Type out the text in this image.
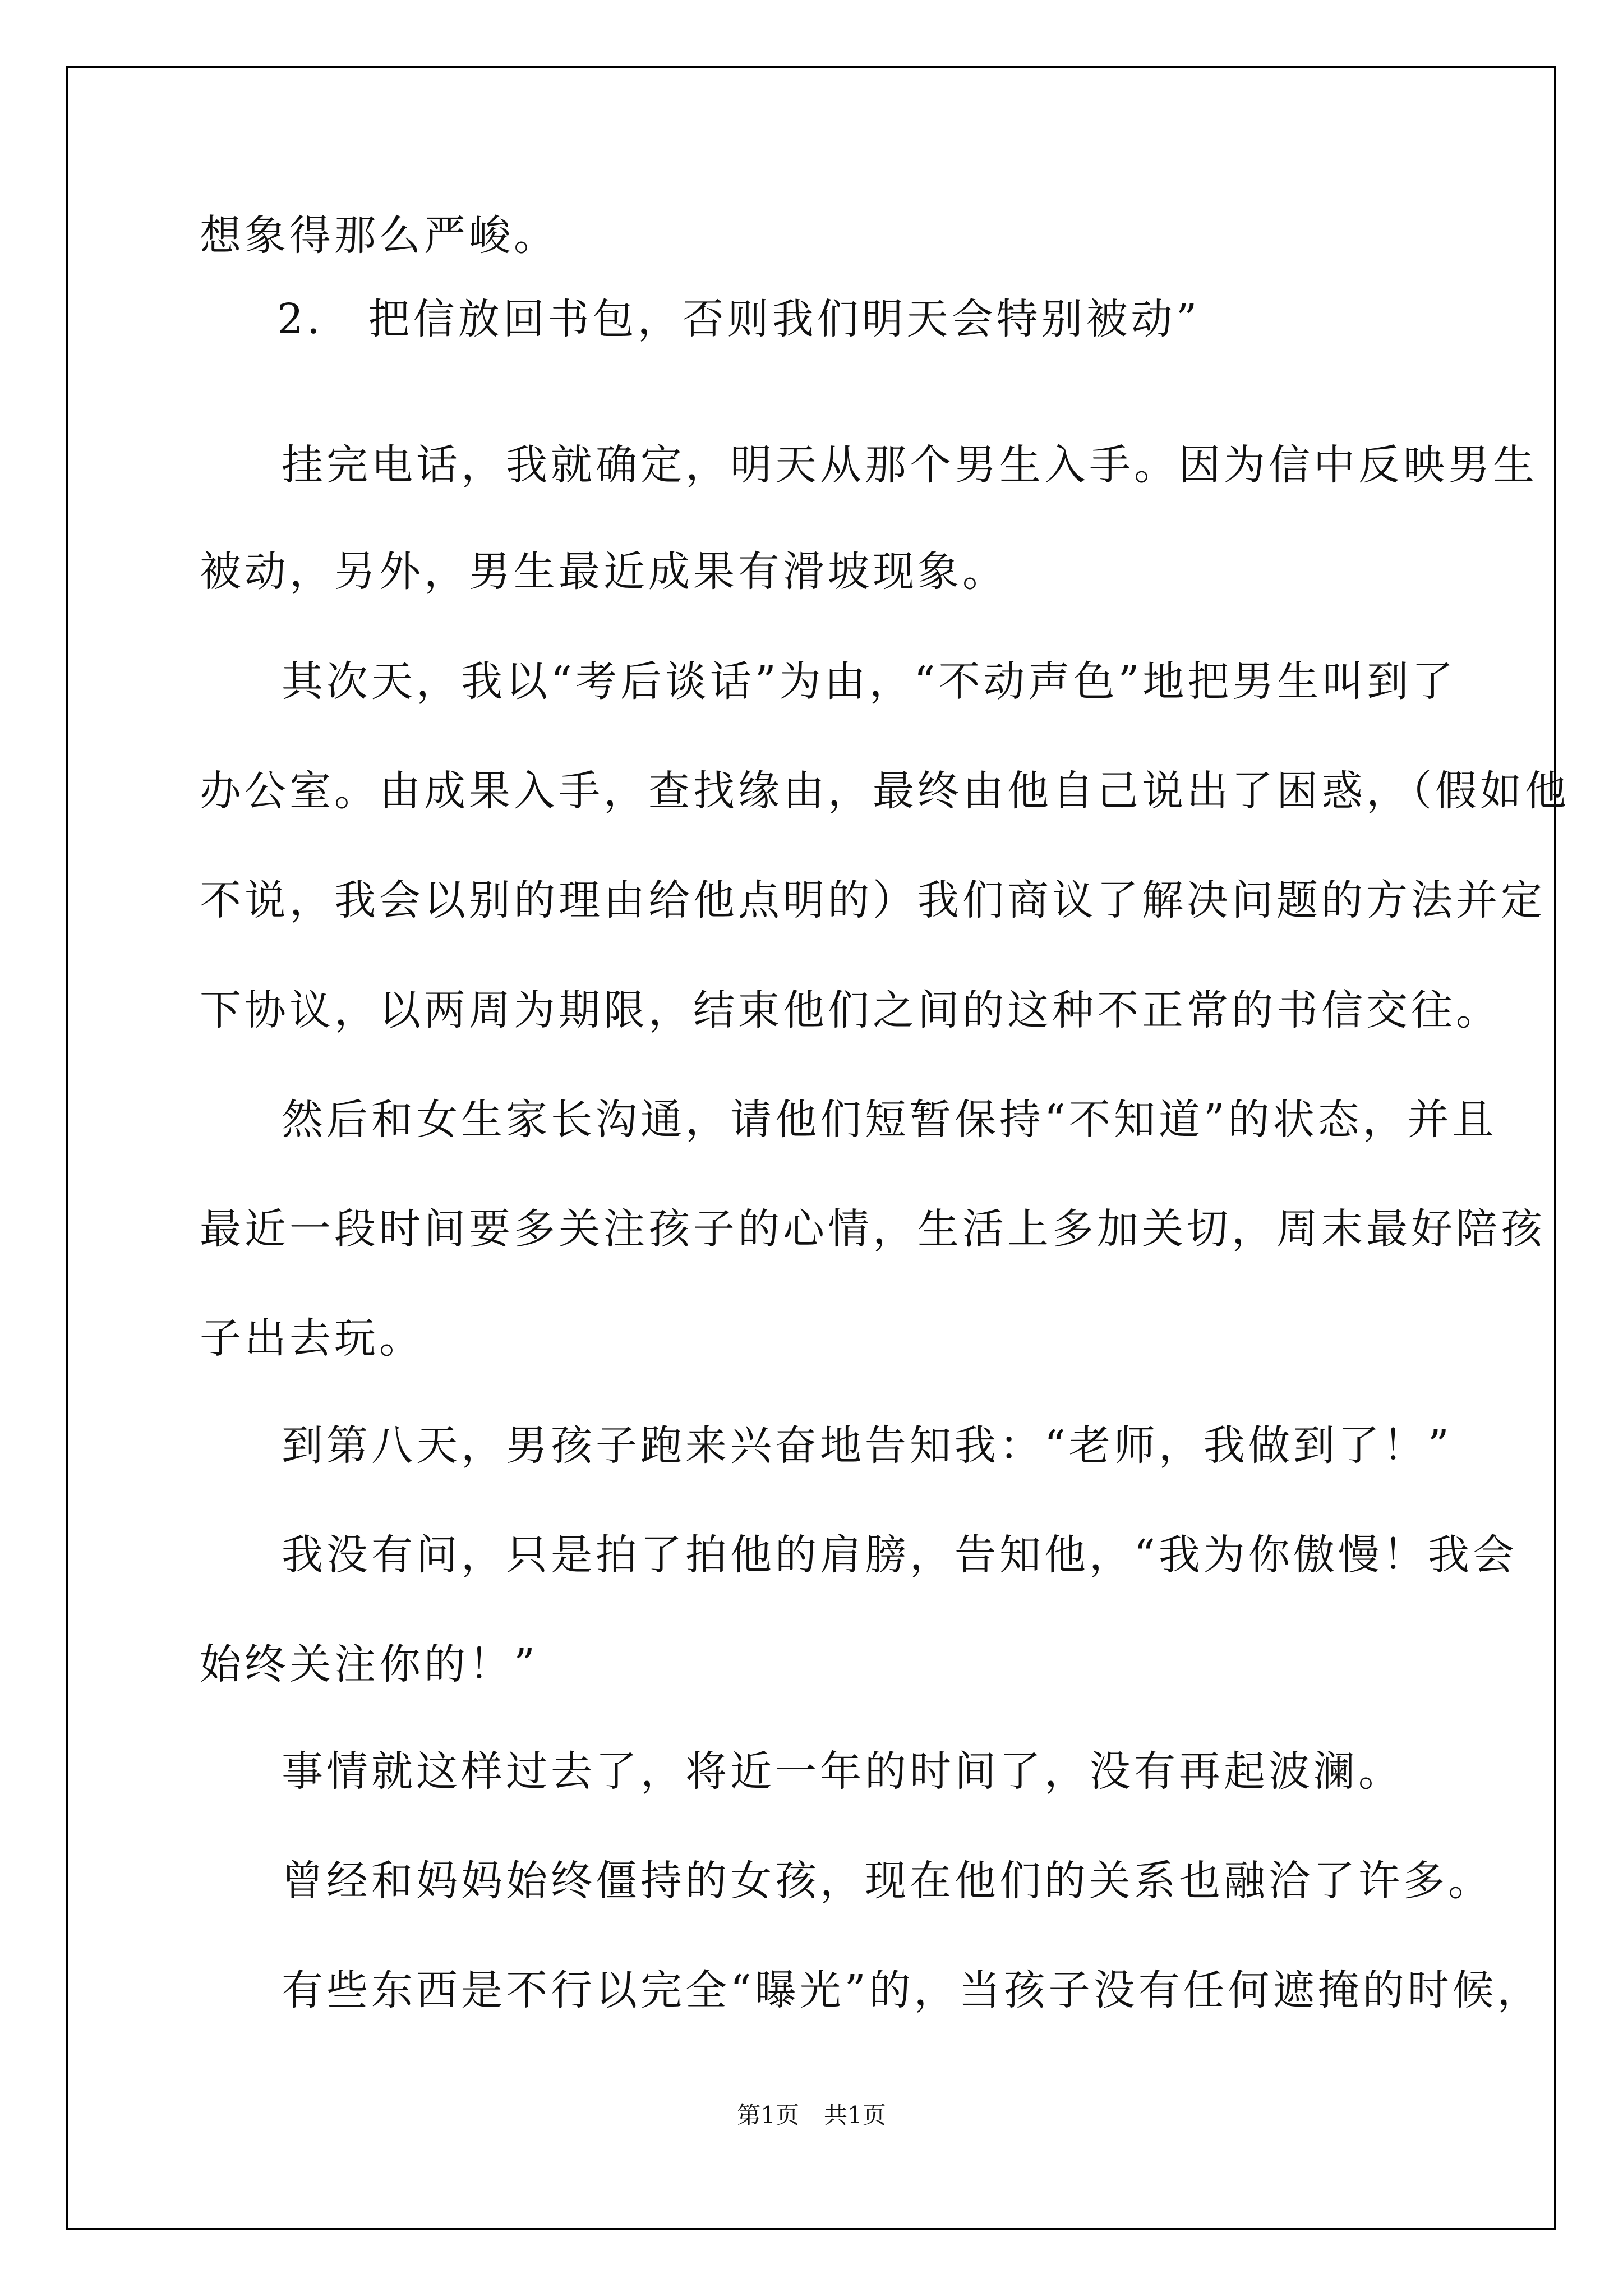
想象得那么严峻。
2.　把信放回书包，否则我们明天会特别被动”
挂完电话，我就确定，明天从那个男生入手。因为信中反映男生
被动，另外，男生最近成果有滑坡现象。
其次天，我以“考后谈话”为由，“不动声色”地把男生叫到了
办公室。由成果入手，查找缘由，最终由他自己说出了困惑，（假如他
不说，我会以别的理由给他点明的）我们商议了解决问题的方法并定
下协议，以两周为期限，结束他们之间的这种不正常的书信交往。
然后和女生家长沟通，请他们短暂保持“不知道”的状态，并且
最近一段时间要多关注孩子的心情，生活上多加关切，周末最好陪孩
子出去玩。
到第八天，男孩子跑来兴奋地告知我：“老师，我做到了！”
我没有问，只是拍了拍他的肩膀，告知他，“我为你傲慢！我会
始终关注你的！”
事情就这样过去了，将近一年的时间了，没有再起波澜。
曾经和妈妈始终僵持的女孩，现在他们的关系也融洽了许多。
有些东西是不行以完全“曝光”的，当孩子没有任何遮掩的时候，
第1页 共1页
